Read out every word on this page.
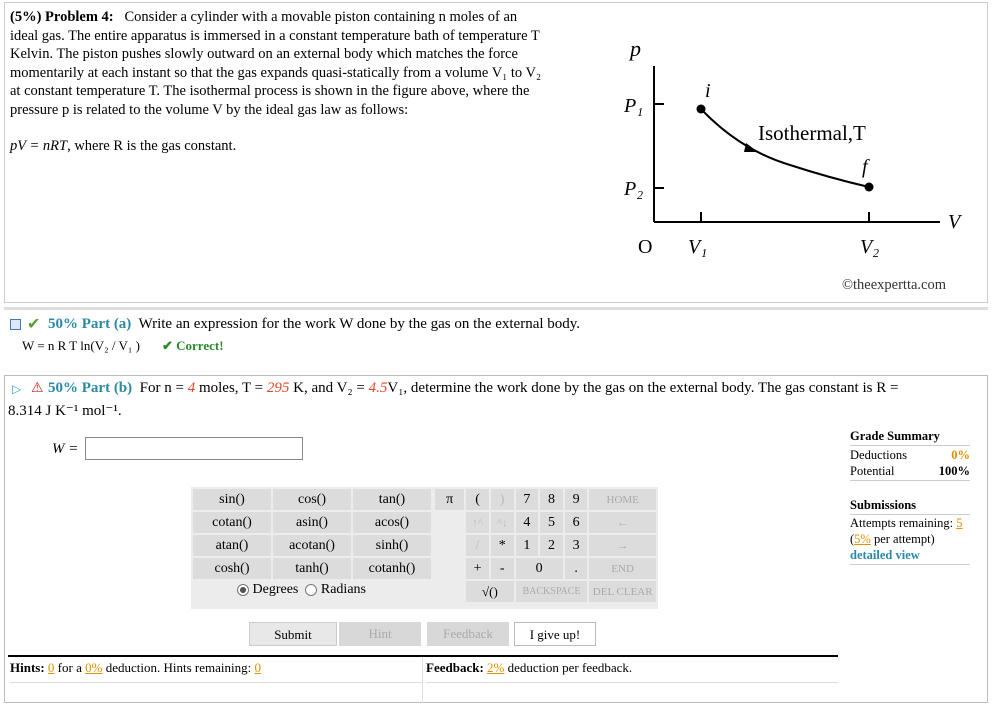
(5%) Problem 4: Consider a cylinder with a movable piston containing n moles of an
ideal gas. The entire apparatus is immersed in a constant temperature bath of temperature T
Kelvin. The piston pushes slowly outward on an external body which matches the force
momentarily at each instant so that the gas expands quasi-statically from a volume V₁ to V₂
at constant temperature T. The isothermal process is shown in the figure above, where the
pressure p is related to the volume V by the ideal gas law as follows:
pV = nRT, where R is the gas constant.
p
P₁
P₂
O V₁	V₂
V
i
f
Isothermal,T
©theexpertta.com
✔ 50% Part (a) Write an expression for the work W done by the gas on the external body.
W = n R T ln(V₂ / V₁ ) ✔ Correct!
▷ ⚠ 50% Part (b) For n = 4 moles, T = 295 K, and V₂ = 4.5V₁, determine the work done by the gas on the external body. The gas constant is R =
8.314 J K⁻¹ mol⁻¹.
W =
sin()	cos()	tan()
cotan()	asin()	acos()
atan()	acotan()	sinh()
cosh()	tanh()	cotanh()
Degrees Radians
π	(	)	7	8	9	HOME
	↑^	^↓	4	5	6	←
	/	*	1	2	3	→
	+	-	0		.	END
	√()		BACKSPACE			DEL CLEAR
Submit	Hint	Feedback	I give up!
Hints: 0 for a 0% deduction. Hints remaining: 0	Feedback: 2% deduction per feedback.
Grade Summary
Deductions	0%
Potential	100%
Submissions
Attempts remaining: 5
(5% per attempt)
detailed view
